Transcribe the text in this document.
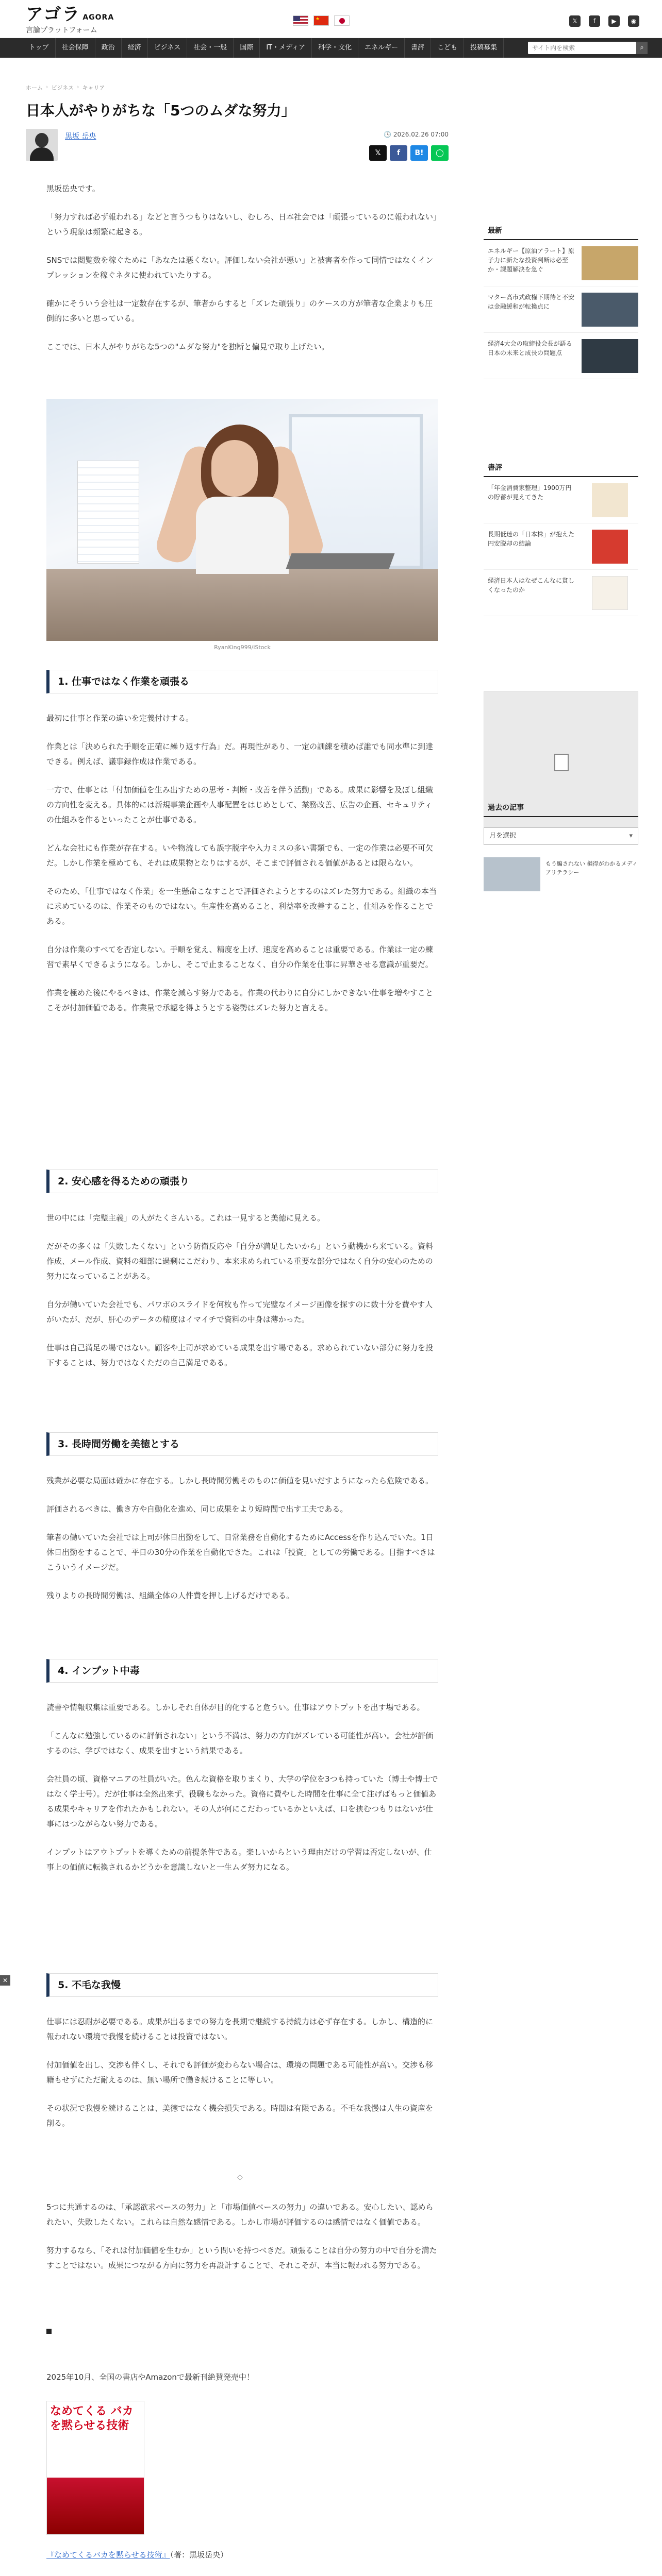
アゴラ $^{AGORA}$
言論プラットフォーム
★
𝕏	f	▶	◉
トップ	社会保障	政治	経済	ビジネス	社会・一般	国際	IT・メディア	科学・文化	エネルギー	書評	こども	投稿募集
サイト内を検索	⌕
ホーム › ビジネス › キャリア
日本人がやりがちな「5つのムダな努力」
黒坂 岳央	🕓 2026.02.26 07:00
𝕏	f	B!	◯

黒坂岳央です。

「努力すれば必ず報われる」などと言うつもりはないし、むしろ、日本社会では「頑張っているのに報われない」という現象は頻繁に起きる。

SNSでは閲覧数を稼ぐために「あなたは悪くない。評価しない会社が悪い」と被害者を作って同情ではなくインプレッションを稼ぐネタに使われていたりする。

確かにそういう会社は一定数存在するが、筆者からすると「ズレた頑張り」のケースの方が筆者な企業よりも圧倒的に多いと思っている。

ここでは、日本人がやりがちな5つの"ムダな努力"を独断と偏見で取り上げたい。

RyanKing999/iStock
1. 仕事ではなく作業を頑張る

最初に仕事と作業の違いを定義付けする。

作業とは「決められた手順を正確に繰り返す行為」だ。再現性があり、一定の訓練を積めば誰でも同水準に到達できる。例えば、議事録作成は作業である。

一方で、仕事とは「付加価値を生み出すための思考・判断・改善を伴う活動」である。成果に影響を及ぼし組織の方向性を変える。具体的には新規事業企画や人事配置をはじめとして、業務改善、広告の企画、セキュリティの仕組みを作るといったことが仕事である。

どんな会社にも作業が存在する。いや物流しても誤字脱字や入力ミスの多い書類でも、一定の作業は必要不可欠だ。しかし作業を極めても、それは成果物となりはするが、そこまで評価される価値があるとは限らない。

そのため、「仕事ではなく作業」を一生懸命こなすことで評価されようとするのはズレた努力である。組織の本当に求めているのは、作業そのものではない。生産性を高めること、利益率を改善すること、仕組みを作ることである。

自分は作業のすべてを否定しない。手順を覚え、精度を上げ、速度を高めることは重要である。作業は一定の練習で素早くできるようになる。しかし、そこで止まることなく、自分の作業を仕事に昇華させる意識が重要だ。

作業を極めた後にやるべきは、作業を減らす努力である。作業の代わりに自分にしかできない仕事を増やすことこそが付加価値である。作業量で承認を得ようとする姿勢はズレた努力と言える。

2. 安心感を得るための頑張り

世の中には「完璧主義」の人がたくさんいる。これは一見すると美徳に見える。

だがその多くは「失敗したくない」という防衛反応や「自分が満足したいから」という動機から来ている。資料作成、メール作成、資料の細部に過剰にこだわり、本来求められている重要な部分ではなく自分の安心のための努力になっていることがある。

自分が働いていた会社でも、パワポのスライドを何枚も作って完璧なイメージ画像を探すのに数十分を費やす人がいたが、だが、肝心のデータの精度はイマイチで資料の中身は薄かった。

仕事は自己満足の場ではない。顧客や上司が求めている成果を出す場である。求められていない部分に努力を投下することは、努力ではなくただの自己満足である。

3. 長時間労働を美徳とする

残業が必要な局面は確かに存在する。しかし長時間労働そのものに価値を見いだすようになったら危険である。

評価されるべきは、働き方や自動化を進め、同じ成果をより短時間で出す工夫である。

筆者の働いていた会社では上司が休日出勤をして、日常業務を自動化するためにAccessを作り込んでいた。1日休日出勤をすることで、平日の30分の作業を自動化できた。これは「投資」としての労働である。目指すべきはこういうイメージだ。

残りよりの長時間労働は、組織全体の人件費を押し上げるだけである。

4. インプット中毒

読書や情報収集は重要である。しかしそれ自体が目的化すると危うい。仕事はアウトプットを出す場である。

「こんなに勉強しているのに評価されない」という不満は、努力の方向がズレている可能性が高い。会社が評価するのは、学びではなく、成果を出すという結果である。

会社員の頃、資格マニアの社員がいた。色んな資格を取りまくり、大学の学位を3つも持っていた（博士や博士ではなく学士号）。だが仕事は全然出来ず、役職もなかった。資格に費やした時間を仕事に全て注げばもっと価値ある成果やキャリアを作れたかもしれない。その人が何にこだわっているかといえば、口を挟むつもりはないが仕事にはつながらない努力である。

インプットはアウトプットを導くための前提条件である。楽しいからという理由だけの学習は否定しないが、仕事上の価値に転換されるかどうかを意識しないと一生ムダ努力になる。

5. 不毛な我慢

仕事には忍耐が必要である。成果が出るまでの努力を長期で継続する持続力は必ず存在する。しかし、構造的に報われない環境で我慢を続けることは投資ではない。

付加価値を出し、交渉も伴くし、それでも評価が変わらない場合は、環境の問題である可能性が高い。交渉も移籍もせずにただ耐えるのは、無い場所で働き続けることに等しい。

その状況で我慢を続けることは、美徳ではなく機会損失である。時間は有限である。不毛な我慢は人生の資産を削る。

◇

5つに共通するのは、「承認欲求ベースの努力」と「市場価値ベースの努力」の違いである。安心したい、認められたい、失敗したくない。これらは自然な感情である。しかし市場が評価するのは感情ではなく価値である。

努力するなら、「それは付加価値を生むか」という問いを持つべきだ。頑張ることは自分の努力の中で自分を満たすことではない。成果につながる方向に努力を再設計することで、それこそが、本当に報われる努力である。

2025年10月、全国の書店やAmazonで最新刊絶賛発売中！
なめてくる バカ を黙らせる技術
『なめてくるバカを黙らせる技術』（著：黒坂岳央）
最新
エネルギー【原油アラート】原子力に新たな投資判断は必至か・課題解決を急ぐ
マター高市式政権下期待と不安は金融緩和が転換点に
経済4大会の取締役会長が語る日本の未来と成長の問題点
書評
「年金消費家整理」1900万円の貯蓄が見えてきた
長期低迷の「日本株」が抱えた円安脱却の結論
経済日本人はなぜこんなに貧しくなったのか
過去の記事
月を選択 ▾
もう騙されない 損得がわかるメディアリテラシー
✕
